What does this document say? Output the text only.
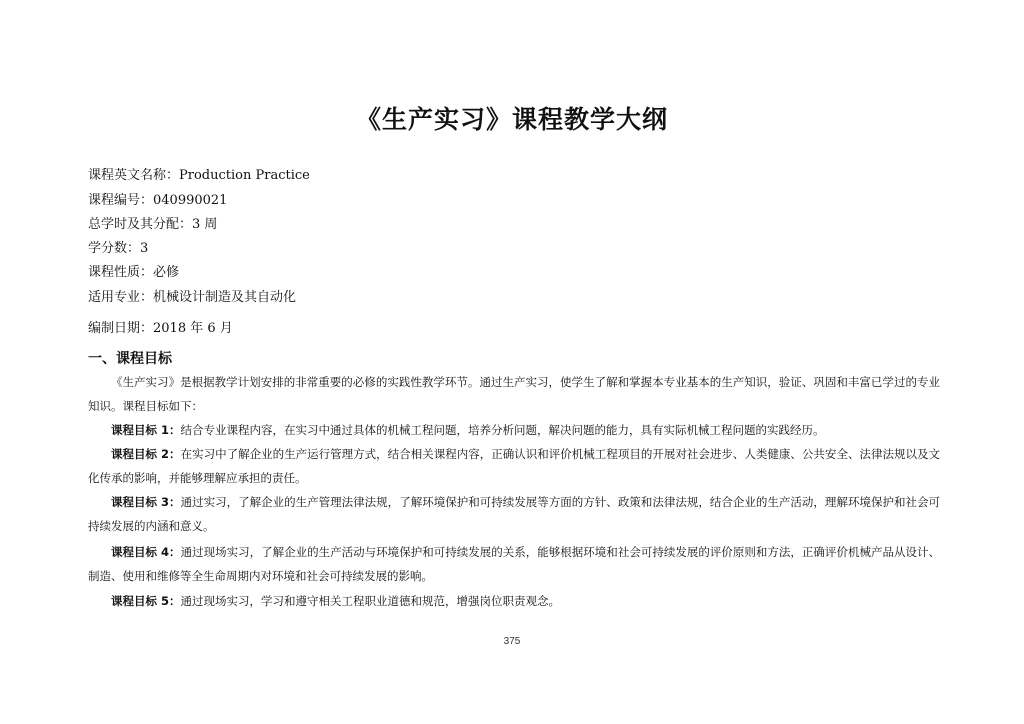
《生产实习》课程教学大纲
课程英文名称：Production Practice
课程编号：040990021
总学时及其分配：3 周
学分数：3
课程性质：必修
适用专业：机械设计制造及其自动化
编制日期：2018 年 6 月
一、课程目标

《生产实习》是根据教学计划安排的非常重要的必修的实践性教学环节。通过生产实习，使学生了解和掌握本专业基本的生产知识，验证、巩固和丰富已学过的专业知识。课程目标如下：

课程目标 1：结合专业课程内容，在实习中通过具体的机械工程问题，培养分析问题，解决问题的能力，具有实际机械工程问题的实践经历。

课程目标 2：在实习中了解企业的生产运行管理方式，结合相关课程内容，正确认识和评价机械工程项目的开展对社会进步、人类健康、公共安全、法律法规以及文化传承的影响，并能够理解应承担的责任。

课程目标 3：通过实习，了解企业的生产管理法律法规，了解环境保护和可持续发展等方面的方针、政策和法律法规，结合企业的生产活动，理解环境保护和社会可持续发展的内涵和意义。

课程目标 4：通过现场实习，了解企业的生产活动与环境保护和可持续发展的关系，能够根据环境和社会可持续发展的评价原则和方法，正确评价机械产品从设计、制造、使用和维修等全生命周期内对环境和社会可持续发展的影响。

课程目标 5：通过现场实习，学习和遵守相关工程职业道德和规范，增强岗位职责观念。

375
